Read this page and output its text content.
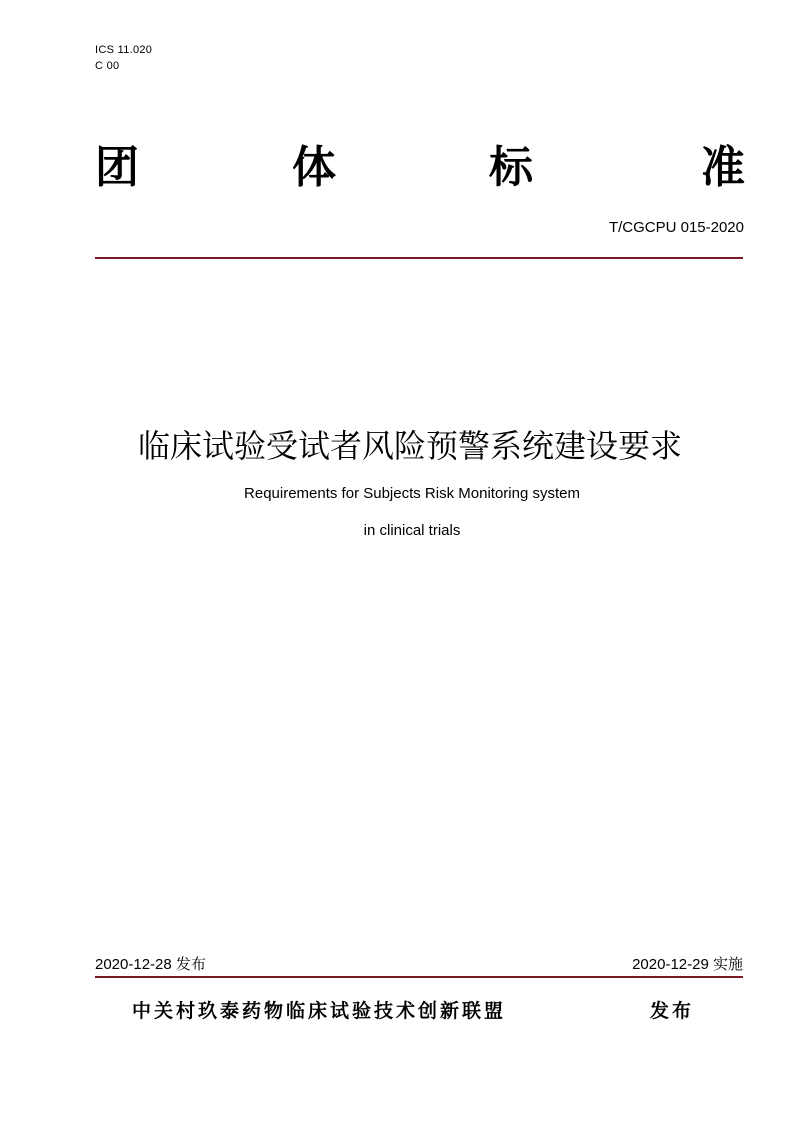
ICS 11.020
C 00
团	体	标	准
T/CGCPU 015-2020
临床试验受试者风险预警系统建设要求
Requirements for Subjects Risk Monitoring system
in clinical trials
2020-12-28 发布	2020-12-29 实施
中关村玖泰药物临床试验技术创新联盟	发布
